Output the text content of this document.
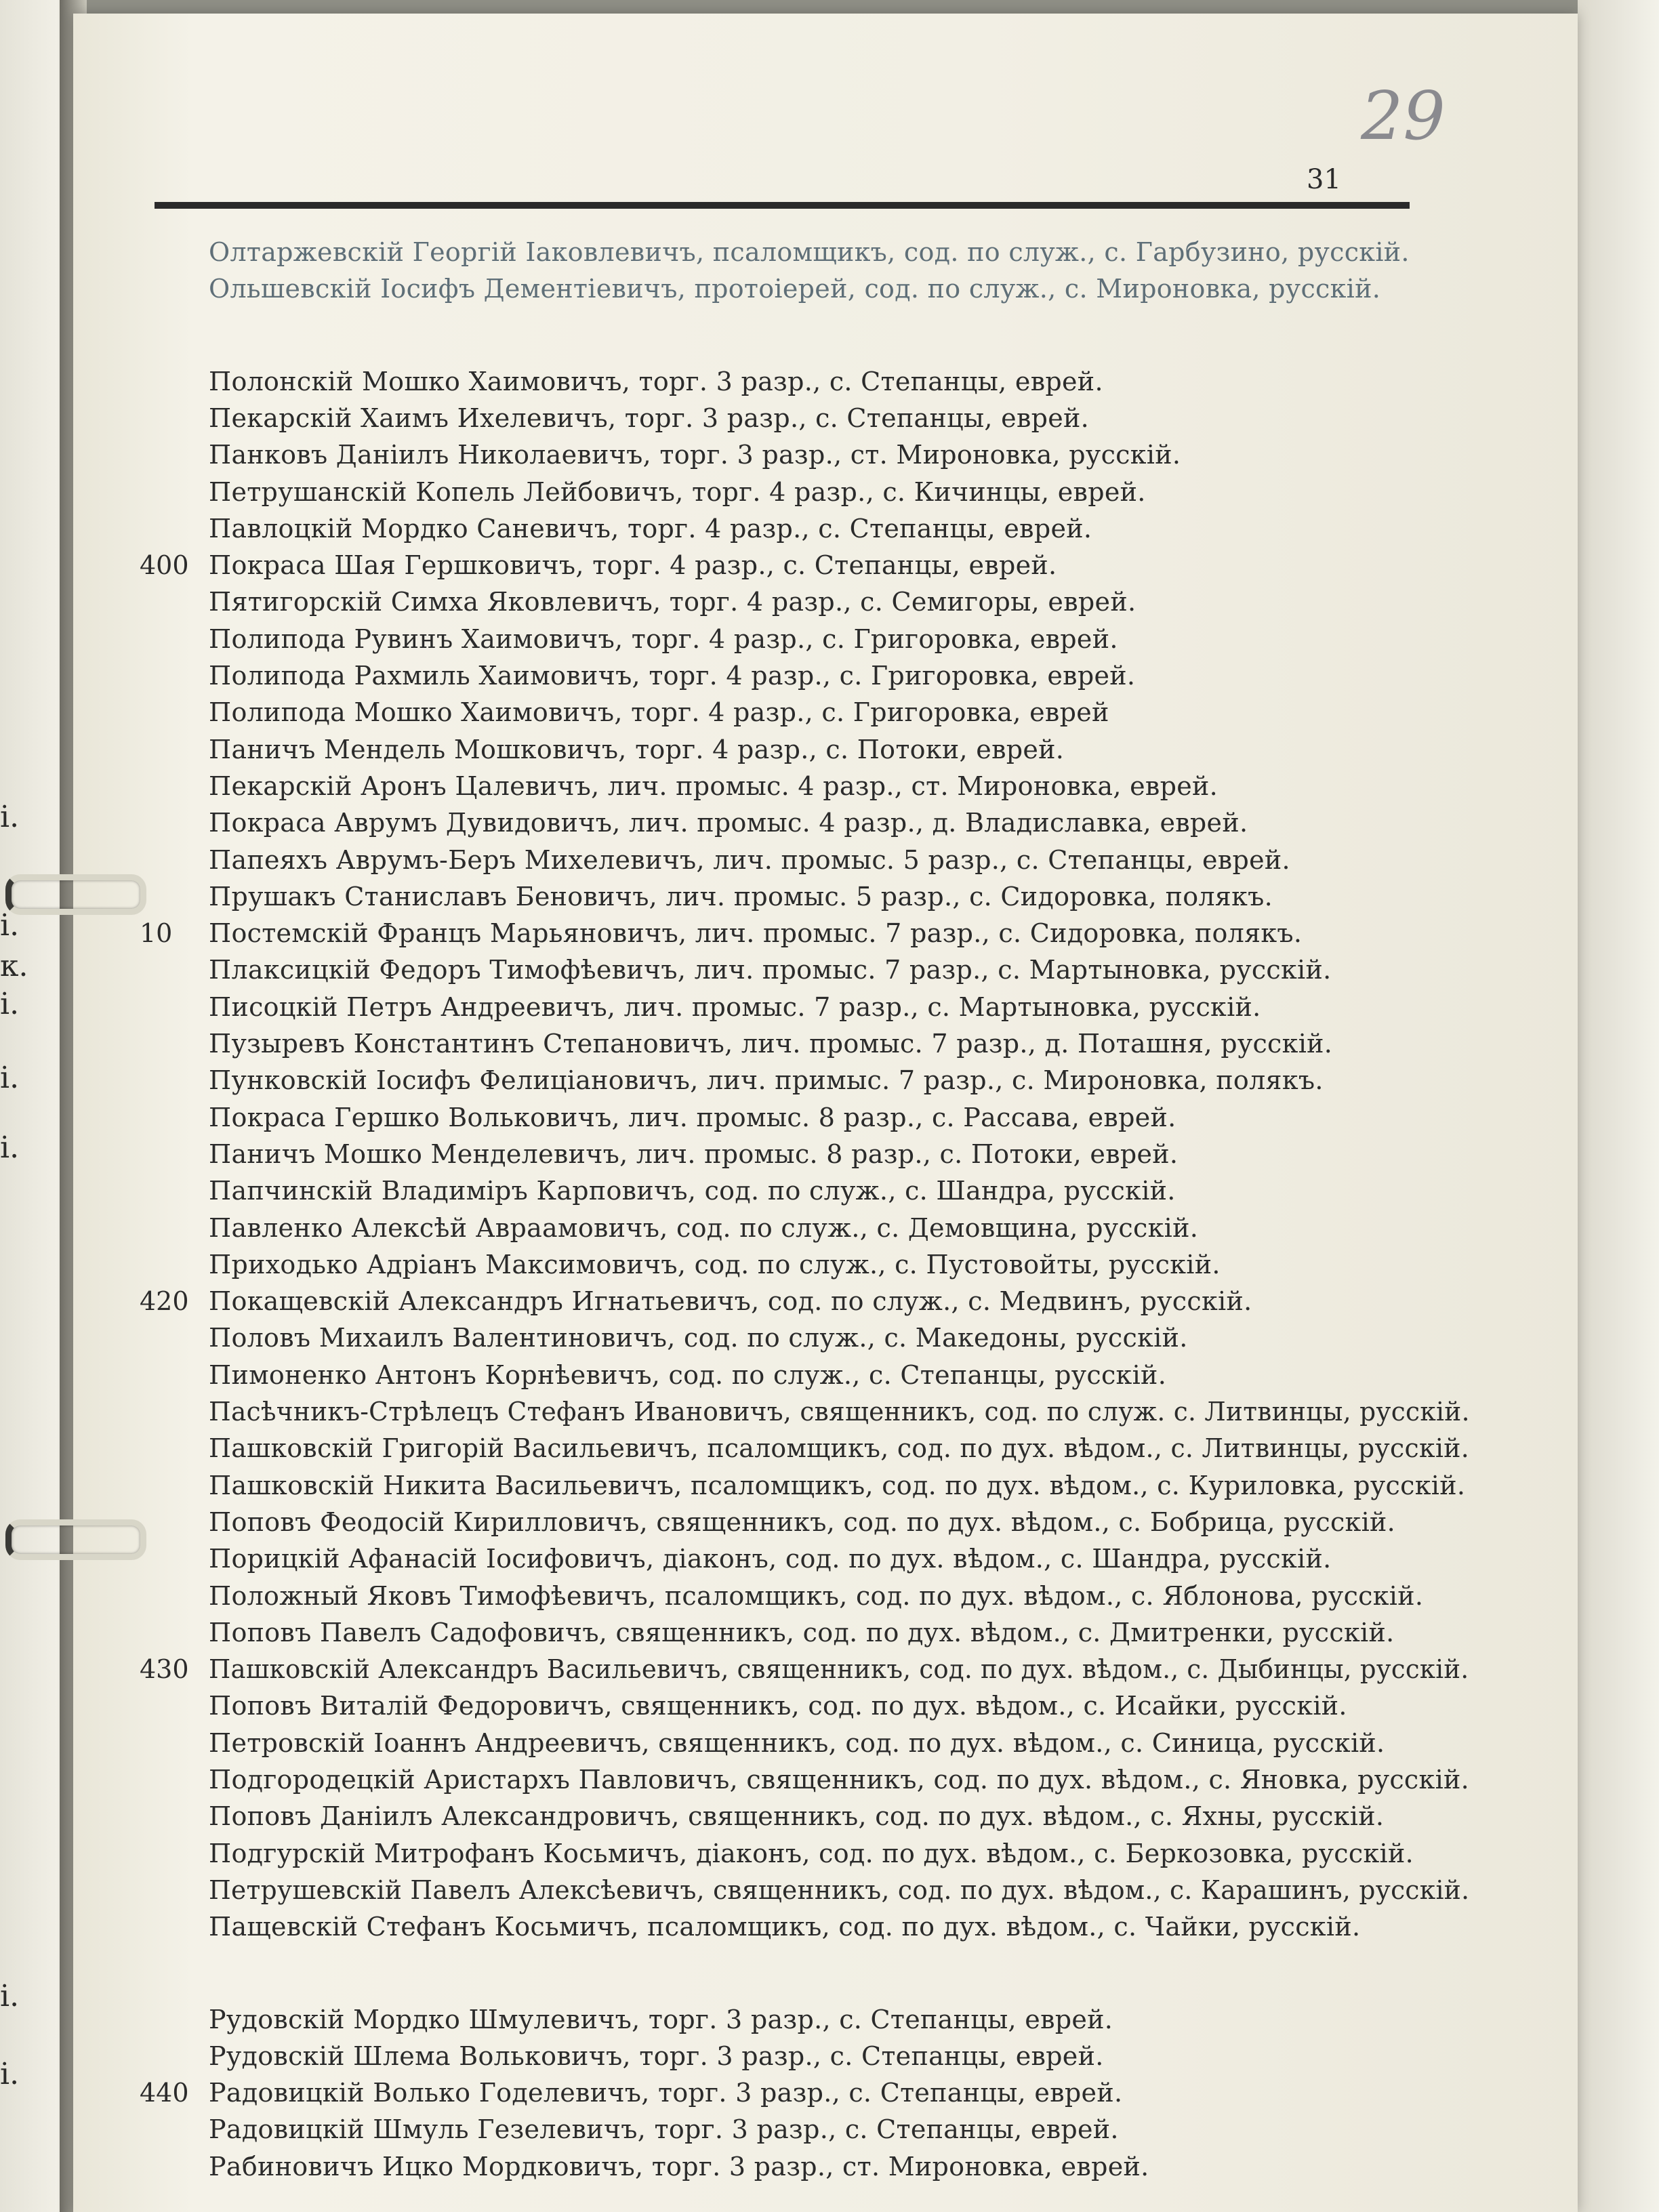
і.
і.
к.
і.
і.
і.
і.
і.
29
31
Олтаржевскій Георгій Іаковлевичъ, псаломщикъ, сод. по служ., с. Гарбузино, русскій.
Ольшевскій Іосифъ Дементіевичъ, протоіерей, сод. по служ., с. Мироновка, русскій.
Полонскій Мошко Хаимовичъ, торг. 3 разр., с. Степанцы, еврей.
Пекарскій Хаимъ Ихелевичъ, торг. 3 разр., с. Степанцы, еврей.
Панковъ Даніилъ Николаевичъ, торг. 3 разр., ст. Мироновка, русскій.
Петрушанскій Копель Лейбовичъ, торг. 4 разр., с. Кичинцы, еврей.
Павлоцкій Мордко Саневичъ, торг. 4 разр., с. Степанцы, еврей.
Покраса Шая Гершковичъ, торг. 4 разр., с. Степанцы, еврей.
400
Пятигорскій Симха Яковлевичъ, торг. 4 разр., с. Семигоры, еврей.
Полипода Рувинъ Хаимовичъ, торг. 4 разр., с. Григоровка, еврей.
Полипода Рахмиль Хаимовичъ, торг. 4 разр., с. Григоровка, еврей.
Полипода Мошко Хаимовичъ, торг. 4 разр., с. Григоровка, еврей
Паничъ Мендель Мошковичъ, торг. 4 разр., с. Потоки, еврей.
Пекарскій Аронъ Цалевичъ, лич. промыс. 4 разр., ст. Мироновка, еврей.
Покраса Аврумъ Дувидовичъ, лич. промыс. 4 разр., д. Владиславка, еврей.
Папеяхъ Аврумъ-Беръ Михелевичъ, лич. промыс. 5 разр., с. Степанцы, еврей.
Прушакъ Станиславъ Беновичъ, лич. промыс. 5 разр., с. Сидоровка, полякъ.
Постемскій Францъ Марьяновичъ, лич. промыс. 7 разр., с. Сидоровка, полякъ.
10
Плаксицкій Федоръ Тимофѣевичъ, лич. промыс. 7 разр., с. Мартыновка, русскій.
Писоцкій Петръ Андреевичъ, лич. промыс. 7 разр., с. Мартыновка, русскій.
Пузыревъ Константинъ Степановичъ, лич. промыс. 7 разр., д. Поташня, русскій.
Пунковскій Іосифъ Фелиціановичъ, лич. примыс. 7 разр., с. Мироновка, полякъ.
Покраса Гершко Вольковичъ, лич. промыс. 8 разр., с. Рассава, еврей.
Паничъ Мошко Менделевичъ, лич. промыс. 8 разр., с. Потоки, еврей.
Папчинскій Владиміръ Карповичъ, сод. по служ., с. Шандра, русскій.
Павленко Алексѣй Авраамовичъ, сод. по служ., с. Демовщина, русскій.
Приходько Адріанъ Максимовичъ, сод. по служ., с. Пустовойты, русскій.
Покащевскій Александръ Игнатьевичъ, сод. по служ., с. Медвинъ, русскій.
420
Половъ Михаилъ Валентиновичъ, сод. по служ., с. Македоны, русскій.
Пимоненко Антонъ Корнѣевичъ, сод. по служ., с. Степанцы, русскій.
Пасѣчникъ-Стрѣлецъ Стефанъ Ивановичъ, священникъ, сод. по служ. с. Литвинцы, русскій.
Пашковскій Григорій Васильевичъ, псаломщикъ, сод. по дух. вѣдом., с. Литвинцы, русскій.
Пашковскій Никита Васильевичъ, псаломщикъ, сод. по дух. вѣдом., с. Куриловка, русскій.
Поповъ Феодосій Кирилловичъ, священникъ, сод. по дух. вѣдом., с. Бобрица, русскій.
Порицкій Афанасій Іосифовичъ, діаконъ, сод. по дух. вѣдом., с. Шандра, русскій.
Положный Яковъ Тимофѣевичъ, псаломщикъ, сод. по дух. вѣдом., с. Яблонова, русскій.
Поповъ Павелъ Садофовичъ, священникъ, сод. по дух. вѣдом., с. Дмитренки, русскій.
Пашковскій Александръ Васильевичъ, священникъ, сод. по дух. вѣдом., с. Дыбинцы, русскій.
430
Поповъ Виталій Федоровичъ, священникъ, сод. по дух. вѣдом., с. Исайки, русскій.
Петровскій Іоаннъ Андреевичъ, священникъ, сод. по дух. вѣдом., с. Синица, русскій.
Подгородецкій Аристархъ Павловичъ, священникъ, сод. по дух. вѣдом., с. Яновка, русскій.
Поповъ Даніилъ Александровичъ, священникъ, сод. по дух. вѣдом., с. Яхны, русскій.
Подгурскій Митрофанъ Косьмичъ, діаконъ, сод. по дух. вѣдом., с. Беркозовка, русскій.
Петрушевскій Павелъ Алексѣевичъ, священникъ, сод. по дух. вѣдом., с. Карашинъ, русскій.
Пащевскій Стефанъ Косьмичъ, псаломщикъ, сод. по дух. вѣдом., с. Чайки, русскій.
Рудовскій Мордко Шмулевичъ, торг. 3 разр., с. Степанцы, еврей.
Рудовскій Шлема Вольковичъ, торг. 3 разр., с. Степанцы, еврей.
Радовицкій Волько Годелевичъ, торг. 3 разр., с. Степанцы, еврей.
440
Радовицкій Шмуль Гезелевичъ, торг. 3 разр., с. Степанцы, еврей.
Рабиновичъ Ицко Мордковичъ, торг. 3 разр., ст. Мироновка, еврей.
